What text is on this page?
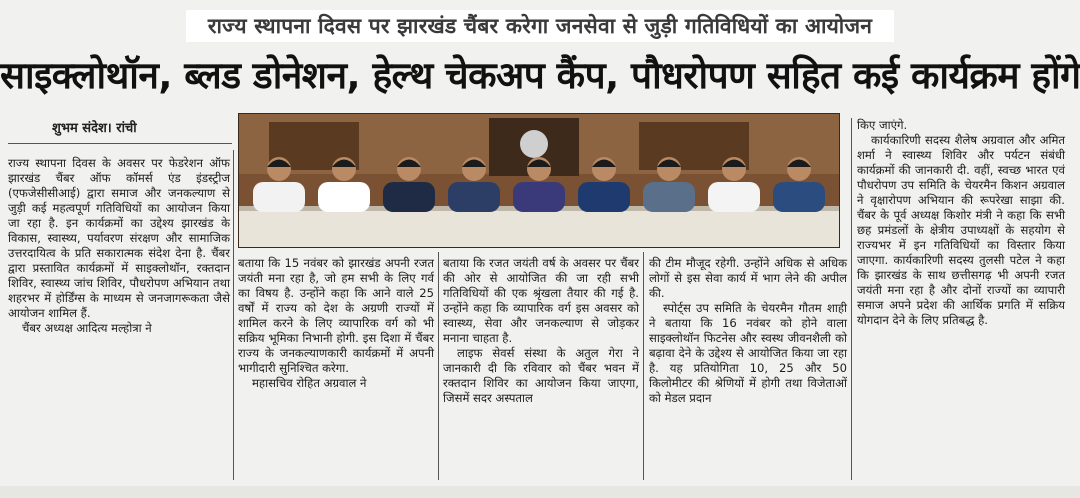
राज्य स्थापना दिवस पर झारखंड चैंबर करेगा जनसेवा से जुड़ी गतिविधियों का आयोजन
साइक्लोथॉन, ब्लड डोनेशन, हेल्थ चेकअप कैंप, पौधरोपण सहित कई कार्यक्रम होंगे
शुभम संदेश। रांची

राज्य स्थापना दिवस के अवसर पर फेडरेशन ऑफ झारखंड चैंबर ऑफ कॉमर्स एंड इंडस्ट्रीज (एफजेसीसीआई) द्वारा समाज और जनकल्याण से जुड़ी कई महत्वपूर्ण गतिविधियों का आयोजन किया जा रहा है. इन कार्यक्रमों का उद्देश्य झारखंड के विकास, स्वास्थ्य, पर्यावरण संरक्षण और सामाजिक उत्तरदायित्व के प्रति सकारात्मक संदेश देना है. चैंबर द्वारा प्रस्तावित कार्यक्रमों में साइक्लोथॉन, रक्तदान शिविर, स्वास्थ्य जांच शिविर, पौधरोपण अभियान तथा शहरभर में होर्डिंग्स के माध्यम से जनजागरूकता जैसे आयोजन शामिल हैं.

चैंबर अध्यक्ष आदित्य मल्होत्रा ने

बताया कि 15 नवंबर को झारखंड अपनी रजत जयंती मना रहा है, जो हम सभी के लिए गर्व का विषय है. उन्होंने कहा कि आने वाले 25 वर्षों में राज्य को देश के अग्रणी राज्यों में शामिल करने के लिए व्यापारिक वर्ग को भी सक्रिय भूमिका निभानी होगी. इस दिशा में चैंबर राज्य के जनकल्याणकारी कार्यक्रमों में अपनी भागीदारी सुनिश्चित करेगा.

महासचिव रोहित अग्रवाल ने

बताया कि रजत जयंती वर्ष के अवसर पर चैंबर की ओर से आयोजित की जा रही सभी गतिविधियों की एक श्रृंखला तैयार की गई है. उन्होंने कहा कि व्यापारिक वर्ग इस अवसर को स्वास्थ्य, सेवा और जनकल्याण से जोड़कर मनाना चाहता है.

लाइफ सेवर्स संस्था के अतुल गेरा ने जानकारी दी कि रविवार को चैंबर भवन में रक्तदान शिविर का आयोजन किया जाएगा, जिसमें सदर अस्पताल

की टीम मौजूद रहेगी. उन्होंने अधिक से अधिक लोगों से इस सेवा कार्य में भाग लेने की अपील की.

स्पोर्ट्स उप समिति के चेयरमैन गौतम शाही ने बताया कि 16 नवंबर को होने वाला साइक्लोथॉन फिटनेस और स्वस्थ जीवनशैली को बढ़ावा देने के उद्देश्य से आयोजित किया जा रहा है. यह प्रतियोगिता 10, 25 और 50 किलोमीटर की श्रेणियों में होगी तथा विजेताओं को मेडल प्रदान

किए जाएंगे.

कार्यकारिणी सदस्य शैलेष अग्रवाल और अमित शर्मा ने स्वास्थ्य शिविर और पर्यटन संबंधी कार्यक्रमों की जानकारी दी. वहीं, स्वच्छ भारत एवं पौधरोपण उप समिति के चेयरमैन किशन अग्रवाल ने वृक्षारोपण अभियान की रूपरेखा साझा की. चैंबर के पूर्व अध्यक्ष किशोर मंत्री ने कहा कि सभी छह प्रमंडलों के क्षेत्रीय उपाध्यक्षों के सहयोग से राज्यभर में इन गतिविधियों का विस्तार किया जाएगा. कार्यकारिणी सदस्य तुलसी पटेल ने कहा कि झारखंड के साथ छत्तीसगढ़ भी अपनी रजत जयंती मना रहा है और दोनों राज्यों का व्यापारी समाज अपने प्रदेश की आर्थिक प्रगति में सक्रिय योगदान देने के लिए प्रतिबद्ध है.
